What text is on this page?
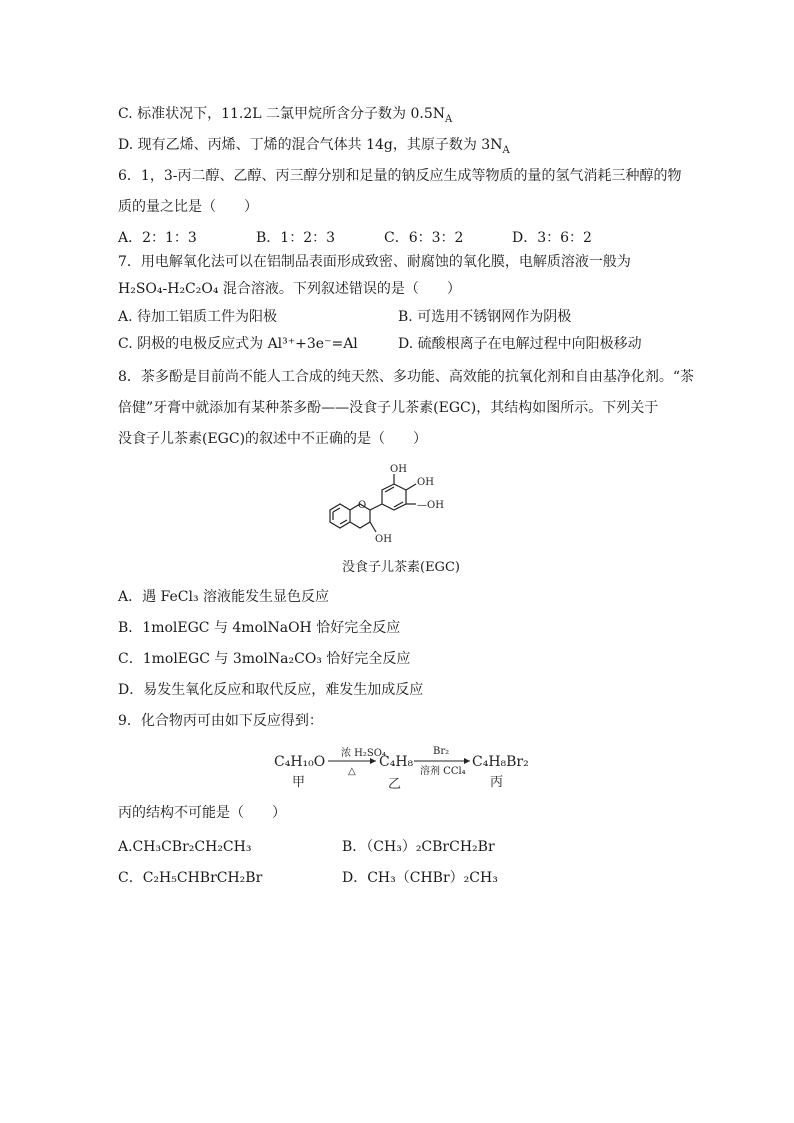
C. 标准状况下，11.2L 二氯甲烷所含分子数为 $0.5N_A$
D. 现有乙烯、丙烯、丁烯的混合气体共 14g，其原子数为 $3N_A$
6．1，3-丙二醇、乙醇、丙三醇分别和足量的钠反应生成等物质的量的氢气消耗三种醇的物
质的量之比是（　　）
A．2：1：3	B．1：2：3	C．6：3：2	D．3：6：2
7．用电解氧化法可以在铝制品表面形成致密、耐腐蚀的氧化膜，电解质溶液一般为
H₂SO₄-H₂C₂O₄ 混合溶液。下列叙述错误的是（　　）
A. 待加工铝质工件为阳极	B. 可选用不锈钢网作为阴极
C. 阴极的电极反应式为 Al³⁺+3e⁻=Al	D. 硫酸根离子在电解过程中向阳极移动
8．茶多酚是目前尚不能人工合成的纯天然、多功能、高效能的抗氧化剂和自由基净化剂。“茶
倍健”牙膏中就添加有某种茶多酚——没食子儿茶素(EGC)，其结构如图所示。下列关于
没食子儿茶素(EGC)的叙述中不正确的是（　　）
O
OH
OH
—OH
OH
没食子儿茶素(EGC)
A．遇 FeCl₃ 溶液能发生显色反应
B．1molEGC 与 4molNaOH 恰好完全反应
C．1molEGC 与 3molNa₂CO₃ 恰好完全反应
D．易发生氧化反应和取代反应，难发生加成反应
9．化合物丙可由如下反应得到：
C₄H₁₀O
浓 H₂SO₄
△
C₄H₈
Br₂
溶剂 CCl₄
C₄H₈Br₂
甲	乙	丙
丙的结构不可能是（　　）
A.CH₃CBr₂CH₂CH₃	B．（CH₃）₂CBrCH₂Br
C．C₂H₅CHBrCH₂Br	D．CH₃（CHBr）₂CH₃
